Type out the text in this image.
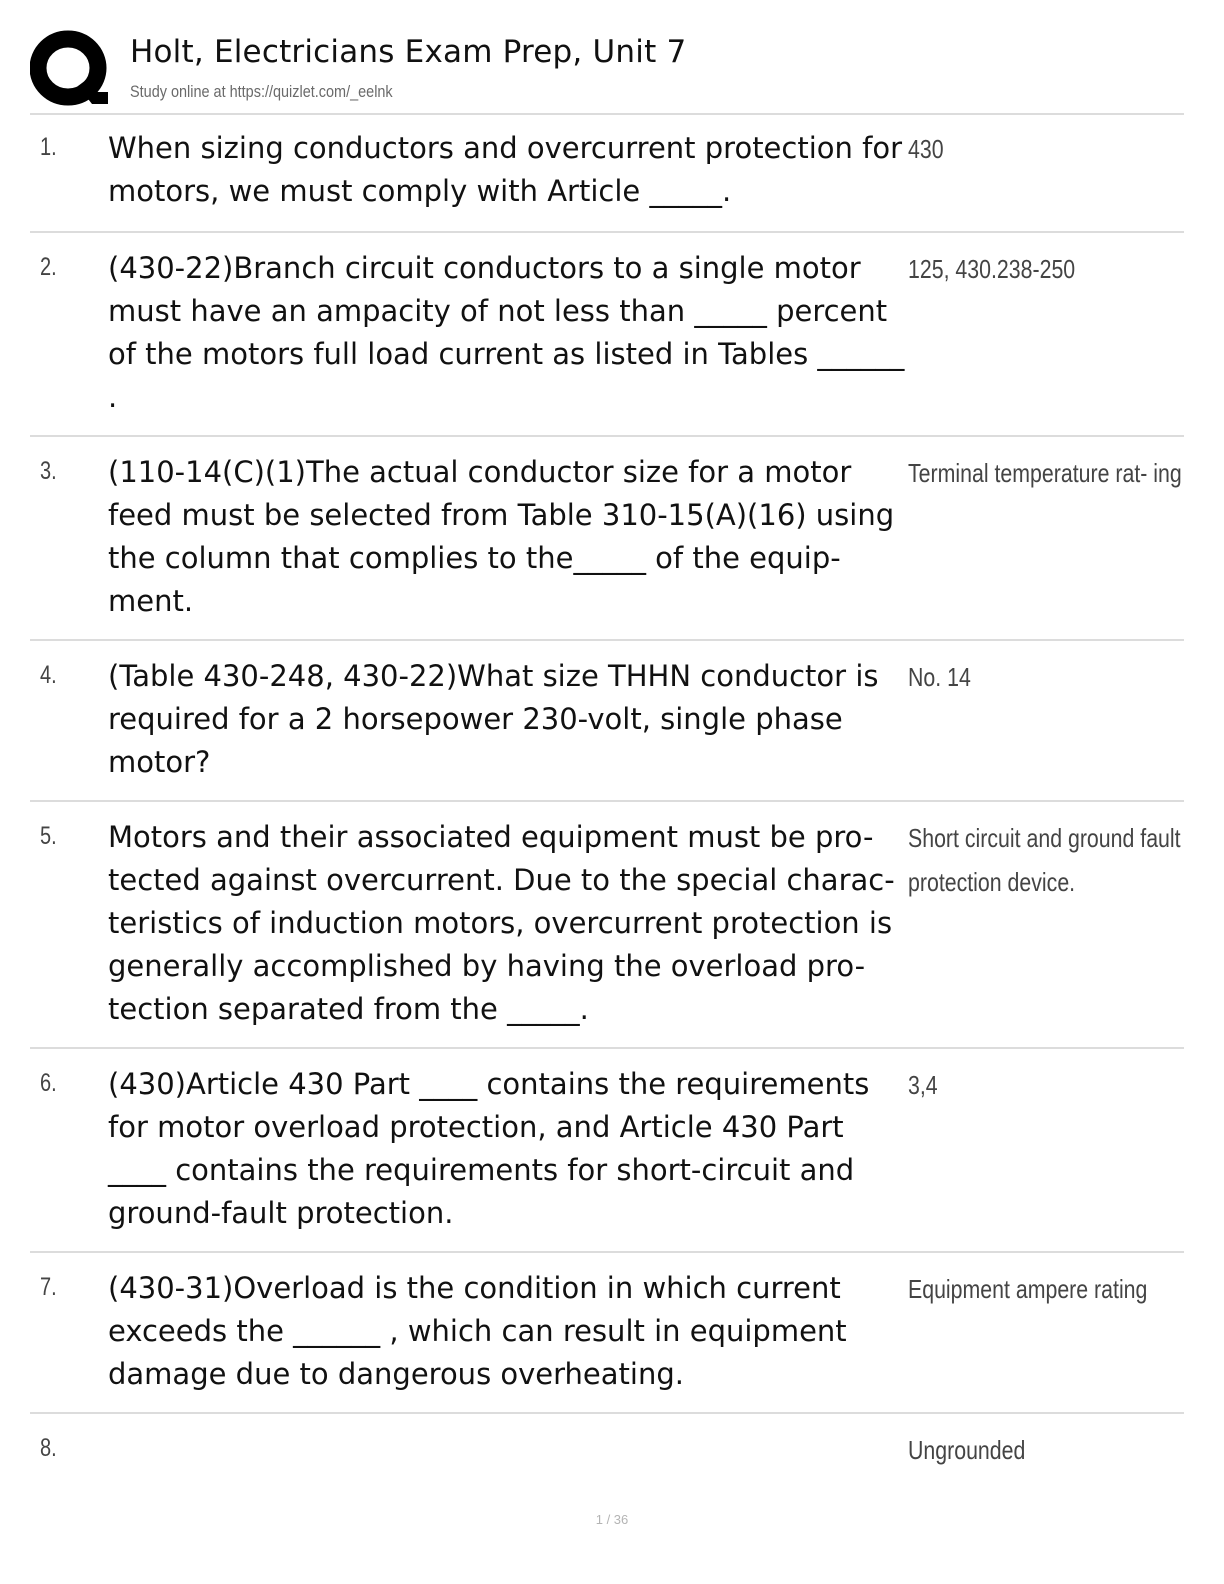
Holt, Electricians Exam Prep, Unit 7
Study online at https://quizlet.com/_eelnk
1. When sizing conductors and overcurrent protection for motors, we must comply with Article _____.
430
2. (430-22)Branch circuit conductors to a single motor must have an ampacity of not less than _____ percent of the motors full load current as listed in Tables ______ .
125, 430.238-250
3. (110-14(C)(1)The actual conductor size for a motor feed must be selected from Table 310-15(A)(16) using the column that complies to the_____ of the equip- ment.
Terminal temperature rat- ing
4. (Table 430-248, 430-22)What size THHN conductor is required for a 2 horsepower 230-volt, single phase motor?
No. 14
5. Motors and their associated equipment must be pro- tected against overcurrent. Due to the special charac- teristics of induction motors, overcurrent protection is generally accomplished by having the overload pro- tection separated from the _____.
Short circuit and ground fault protection device.
6. (430)Article 430 Part ____ contains the requirements for motor overload protection, and Article 430 Part ____ contains the requirements for short-circuit and ground-fault protection.
3,4
7. (430-31)Overload is the condition in which current exceeds the ______ , which can result in equipment damage due to dangerous overheating.
Equipment ampere rating
8.	Ungrounded
1 / 36
